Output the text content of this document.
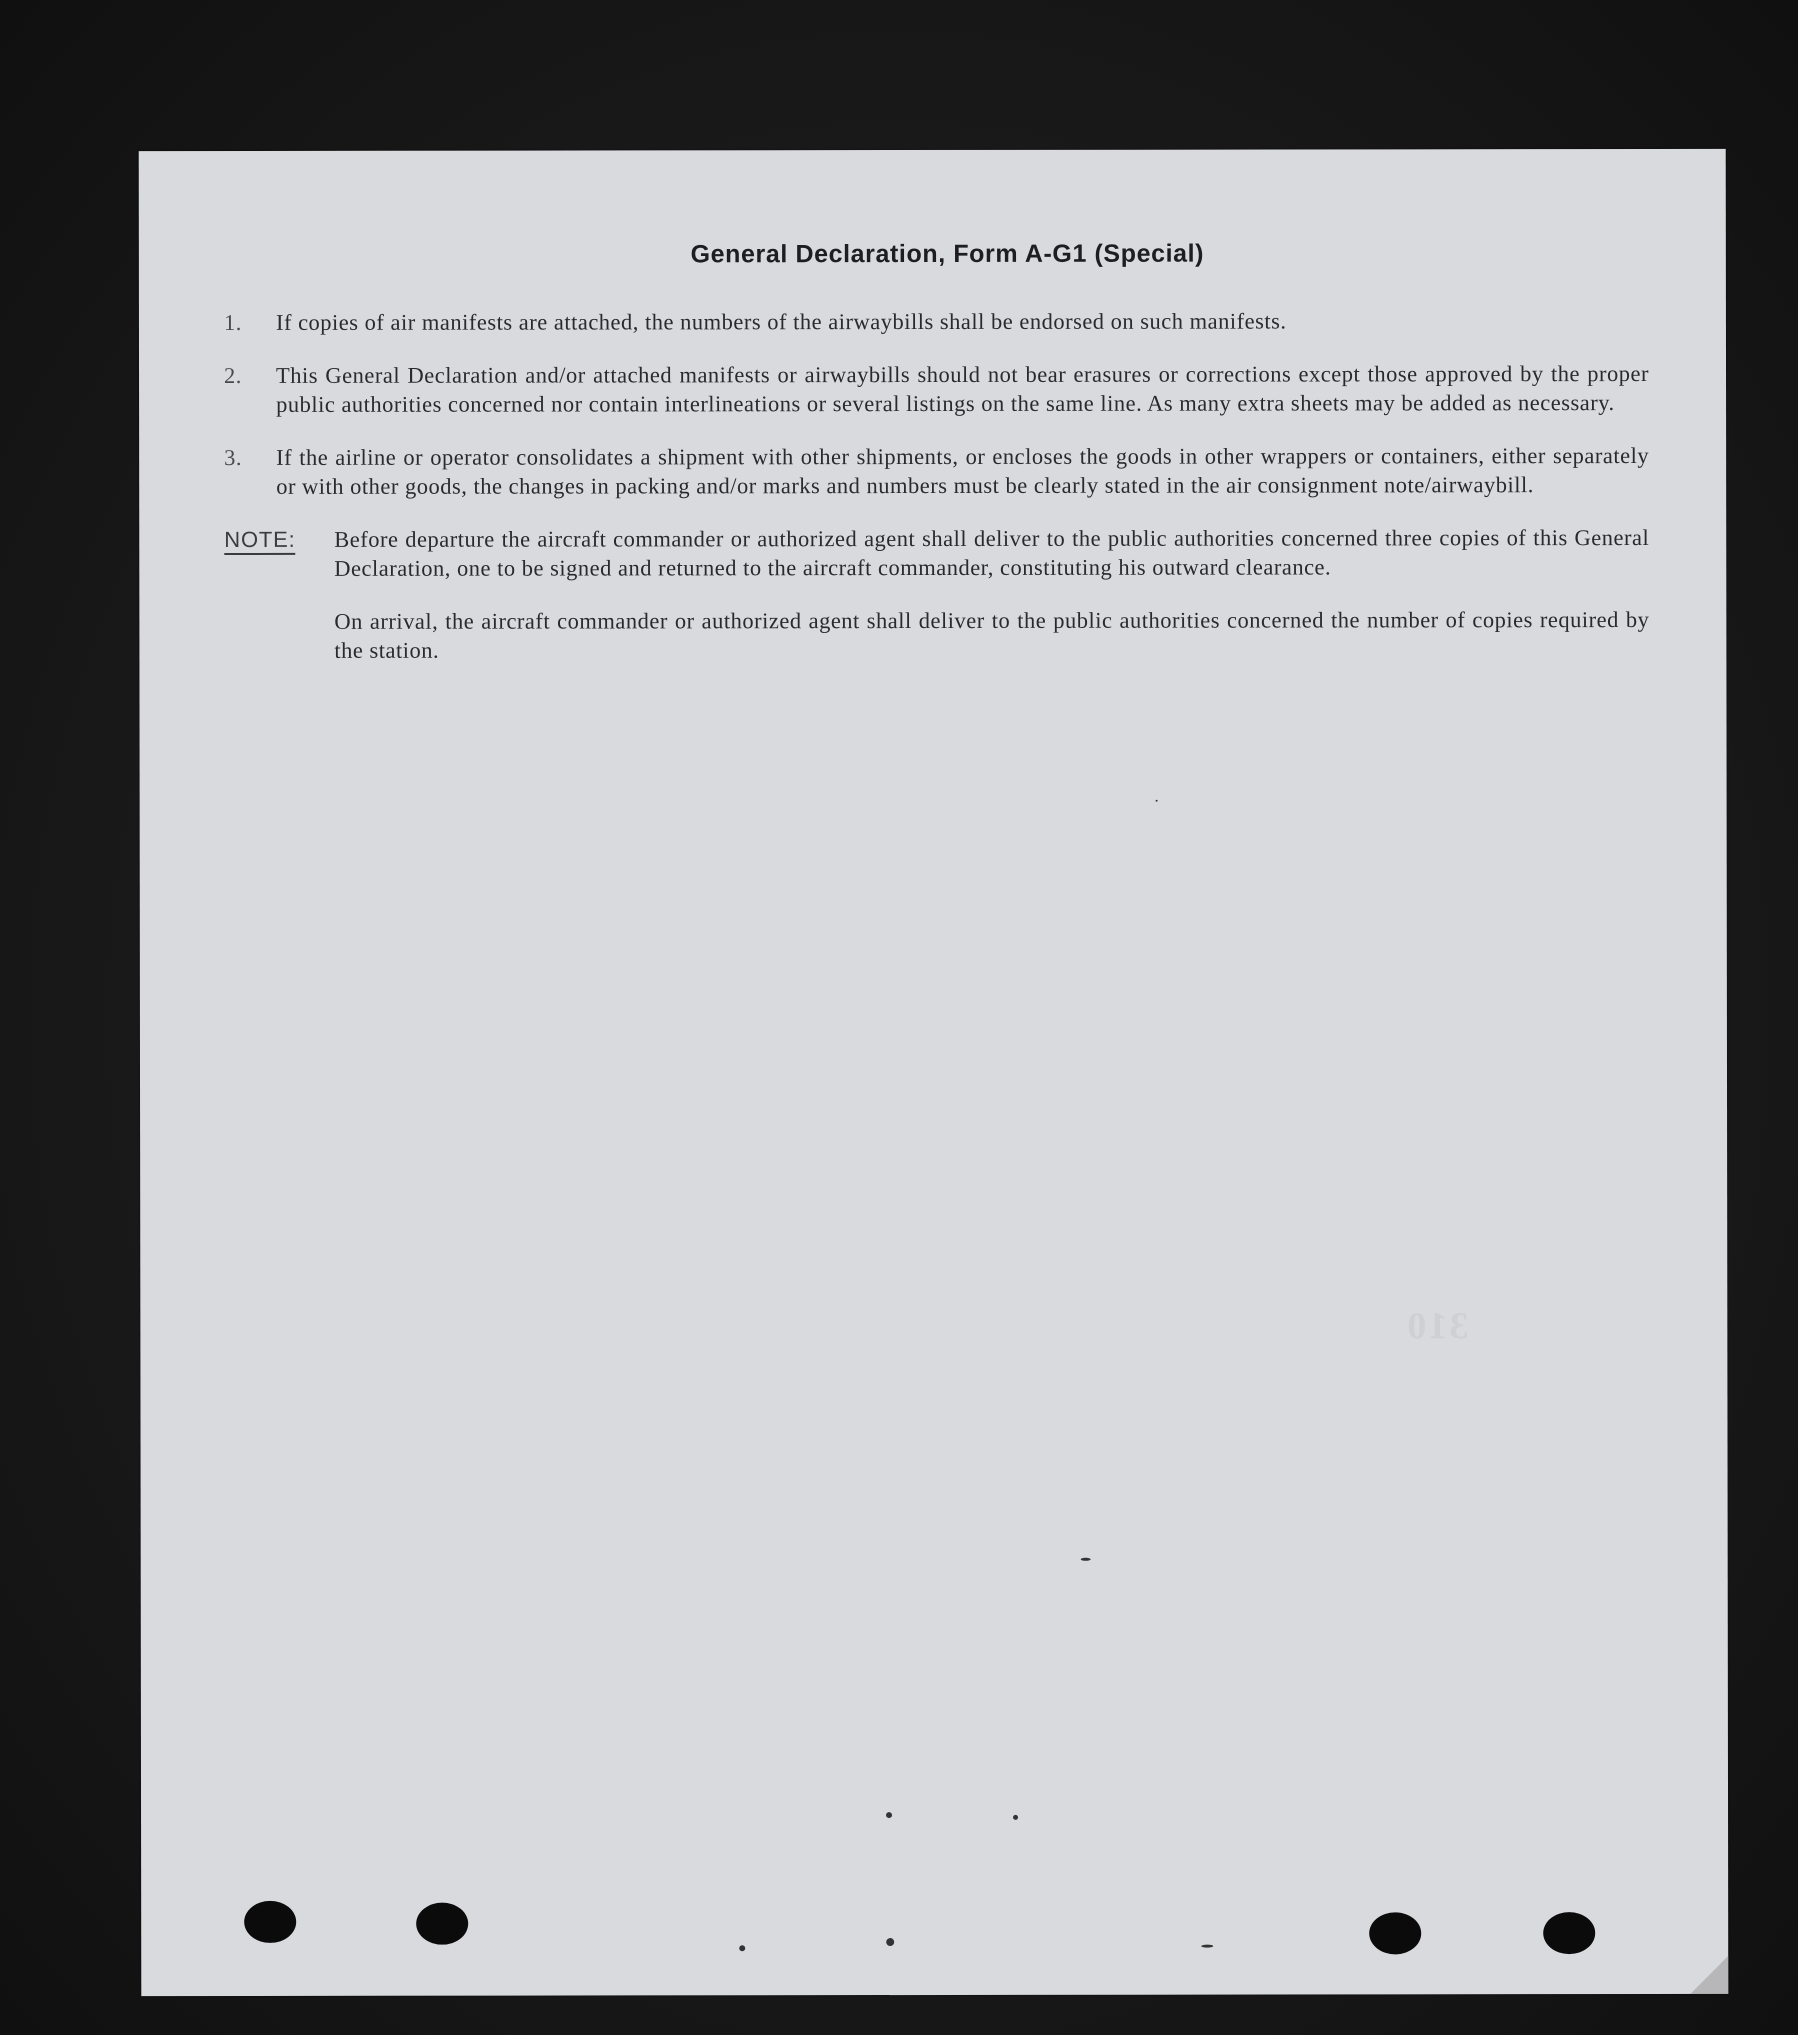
General Declaration, Form A-G1 (Special)
1.	If copies of air manifests are attached, the numbers of the airwaybills shall be endorsed on such manifests.
2.	This General Declaration and/or attached manifests or airwaybills should not bear erasures or corrections except those approved by the proper public authorities concerned nor contain interlineations or several listings on the same line. As many extra sheets may be added as necessary.
3.	If the airline or operator consolidates a shipment with other shipments, or encloses the goods in other wrappers or containers, either separately or with other goods, the changes in packing and/or marks and numbers must be clearly stated in the air consignment note/airwaybill.
NOTE:	Before departure the aircraft commander or authorized agent shall deliver to the public authorities concerned three copies of this General Declaration, one to be signed and returned to the aircraft commander, constituting his outward clearance.
On arrival, the aircraft commander or authorized agent shall deliver to the public authorities concerned the number of copies required by the station.
310
